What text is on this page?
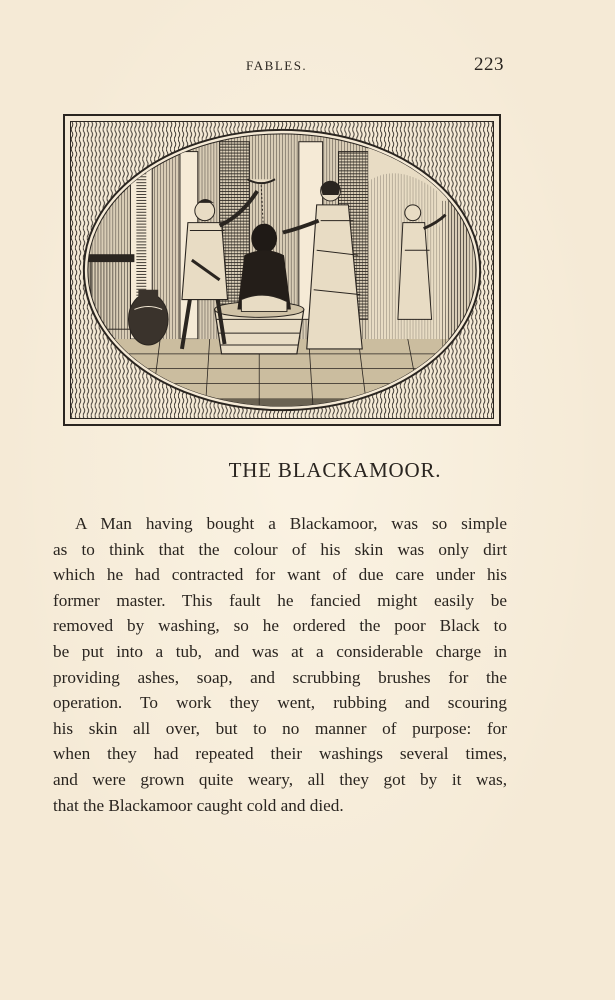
FABLES.	223
THE BLACKAMOOR.
A Man having bought a Blackamoor, was so simple
as to think that the colour of his skin was only dirt
which he had contracted for want of due care under his
former master. This fault he fancied might easily be
removed by washing, so he ordered the poor Black to
be put into a tub, and was at a considerable charge in
providing ashes, soap, and scrubbing brushes for the
operation. To work they went, rubbing and scouring
his skin all over, but to no manner of purpose: for
when they had repeated their washings several times,
and were grown quite weary, all they got by it was,
that the Blackamoor caught cold and died.
